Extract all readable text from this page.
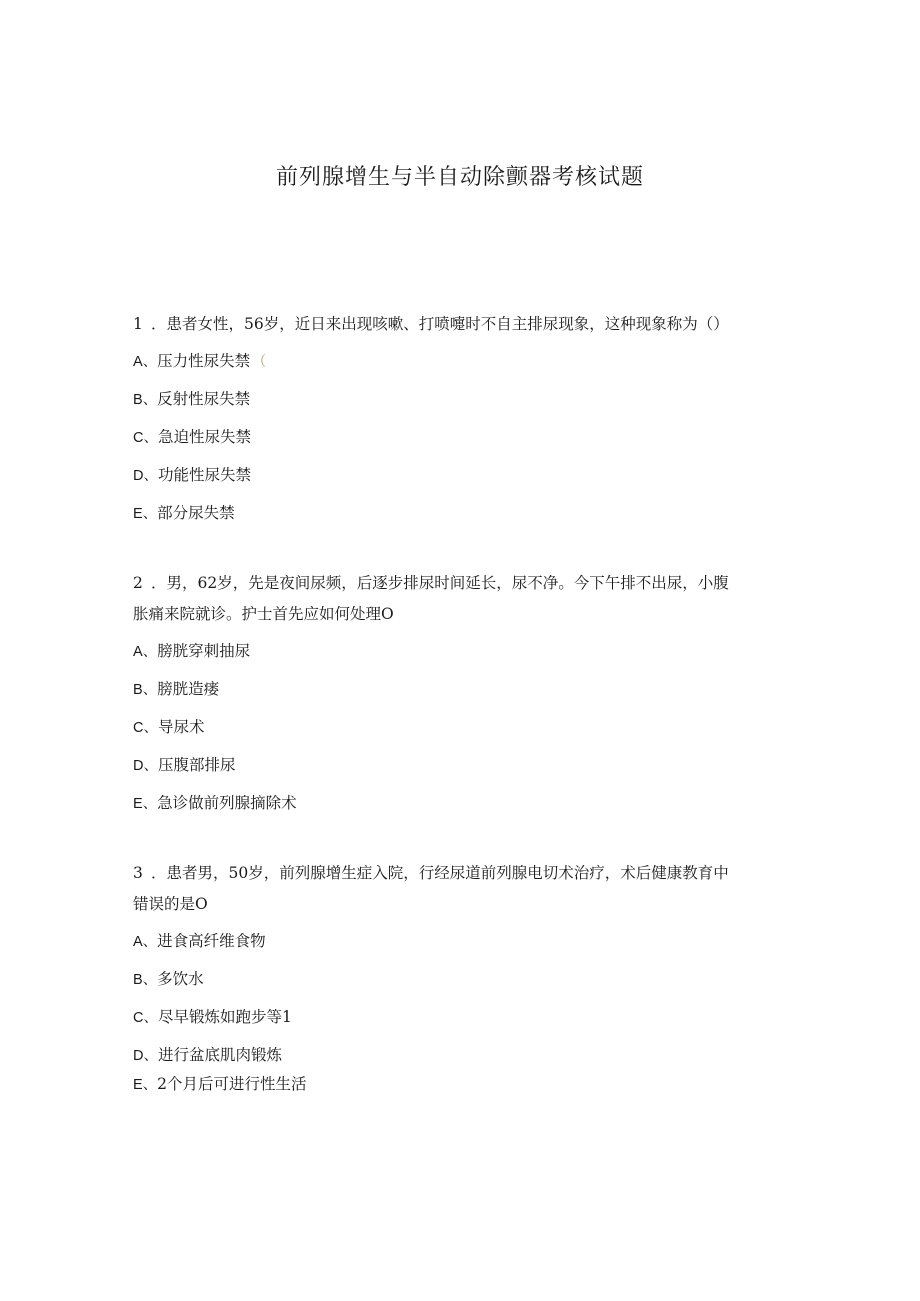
前列腺增生与半自动除颤器考核试题
1 ．患者女性，56岁，近日来出现咳嗽、打喷嚏时不自主排尿现象，这种现象称为（）
A、压力性尿失禁 （
B、反射性尿失禁
C、急迫性尿失禁
D、功能性尿失禁
E、部分尿失禁
2 ．男，62岁，先是夜间尿频，后逐步排尿时间延长，尿不净。今下午排不出尿，小腹
胀痛来院就诊。护士首先应如何处理O
A、膀胱穿刺抽尿
B、膀胱造瘘
C、导尿术
D、压腹部排尿
E、急诊做前列腺摘除术
3 ．患者男，50岁，前列腺增生症入院，行经尿道前列腺电切术治疗，术后健康教育中
错误的是O
A、进食高纤维食物
B、多饮水
C、尽早锻炼如跑步等1
D、进行盆底肌肉锻炼
E、2个月后可进行性生活
